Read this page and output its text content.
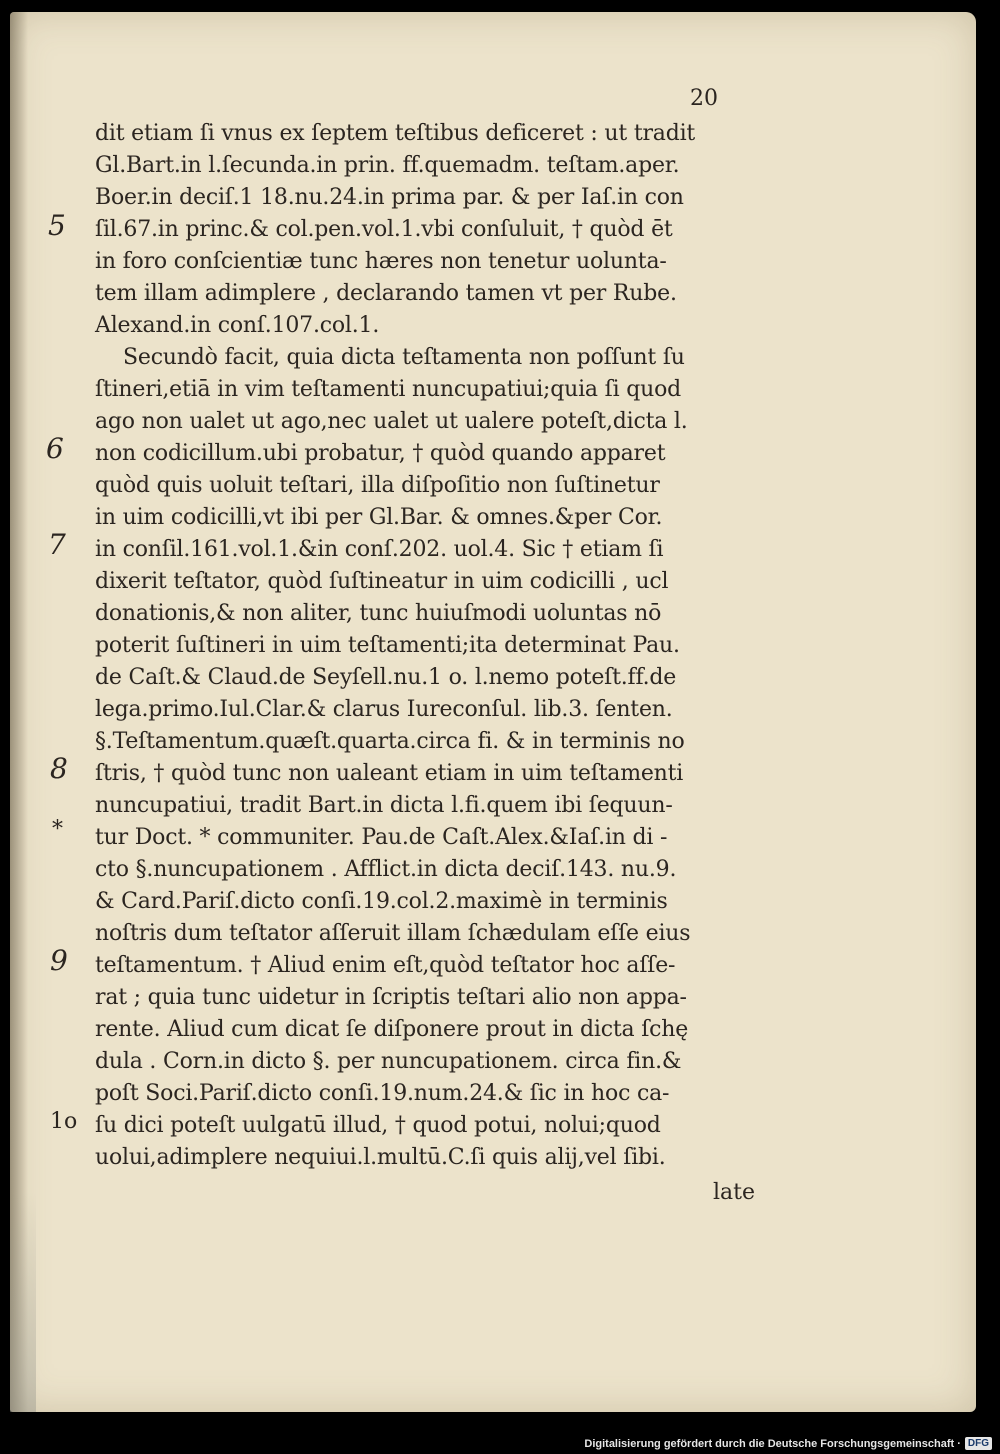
20
5
6
7
8
*
9
dit etiam ſi vnus ex ſeptem teſtibus deficeret : ut tradit
Gl.Bart.in l.ſecunda.in prin. ff.quemadm. teſtam.aper.
Boer.in deciſ.1 18.nu.24.in prima par. & per Iaſ.in con
ſil.67.in princ.& col.pen.vol.1.vbi conſuluit, † quòd ēt
in foro conſcientiæ tunc hæres non tenetur uolunta-
tem illam adimplere , declarando tamen vt per Rube.
Alexand.in conſ.107.col.1.
Secundò facit, quia dicta teſtamenta non poſſunt ſu
ſtineri,etiā in vim teſtamenti nuncupatiui;quia ſi quod
ago non ualet ut ago,nec ualet ut ualere poteſt,dicta l.
non codicillum.ubi probatur, † quòd quando apparet
quòd quis uoluit teſtari, illa diſpoſitio non ſuſtinetur
in uim codicilli,vt ibi per Gl.Bar. & omnes.&per Cor.
in conſil.161.vol.1.&in conſ.202. uol.4. Sic † etiam ſi
dixerit teſtator, quòd ſuſtineatur in uim codicilli , ucl
donationis,& non aliter, tunc huiuſmodi uoluntas nō
poterit ſuſtineri in uim teſtamenti;ita determinat Pau.
de Caſt.& Claud.de Seyſell.nu.1 o. l.nemo poteſt.ff.de
lega.primo.Iul.Clar.& clarus Iureconſul. lib.3. ſenten.
§.Teſtamentum.quæſt.quarta.circa fi. & in terminis no
ſtris, † quòd tunc non ualeant etiam in uim teſtamenti
nuncupatiui, tradit Bart.in dicta l.fi.quem ibi ſequun-
tur Doct. * communiter. Pau.de Caſt.Alex.&Iaſ.in di -
cto §.nuncupationem . Afflict.in dicta deciſ.143. nu.9.
& Card.Pariſ.dicto conſi.19.col.2.maximè in terminis
noſtris dum teſtator aſſeruit illam ſchædulam eſſe eius
teſtamentum. † Aliud enim eſt,quòd teſtator hoc aſſe-
rat ; quia tunc uidetur in ſcriptis teſtari alio non appa-
rente. Aliud cum dicat ſe diſponere prout in dicta ſchę
dula . Corn.in dicto §. per nuncupationem. circa fin.&
poſt Soci.Pariſ.dicto conſi.19.num.24.& ſic in hoc ca-
ſu dici poteſt uulgatū illud, † quod potui, nolui;quod
uolui,adimplere nequiui.l.multū.C.ſi quis alij,vel ſibi.
1o
late
Digitalisierung gefördert durch die Deutsche Forschungsgemeinschaft · DFG
